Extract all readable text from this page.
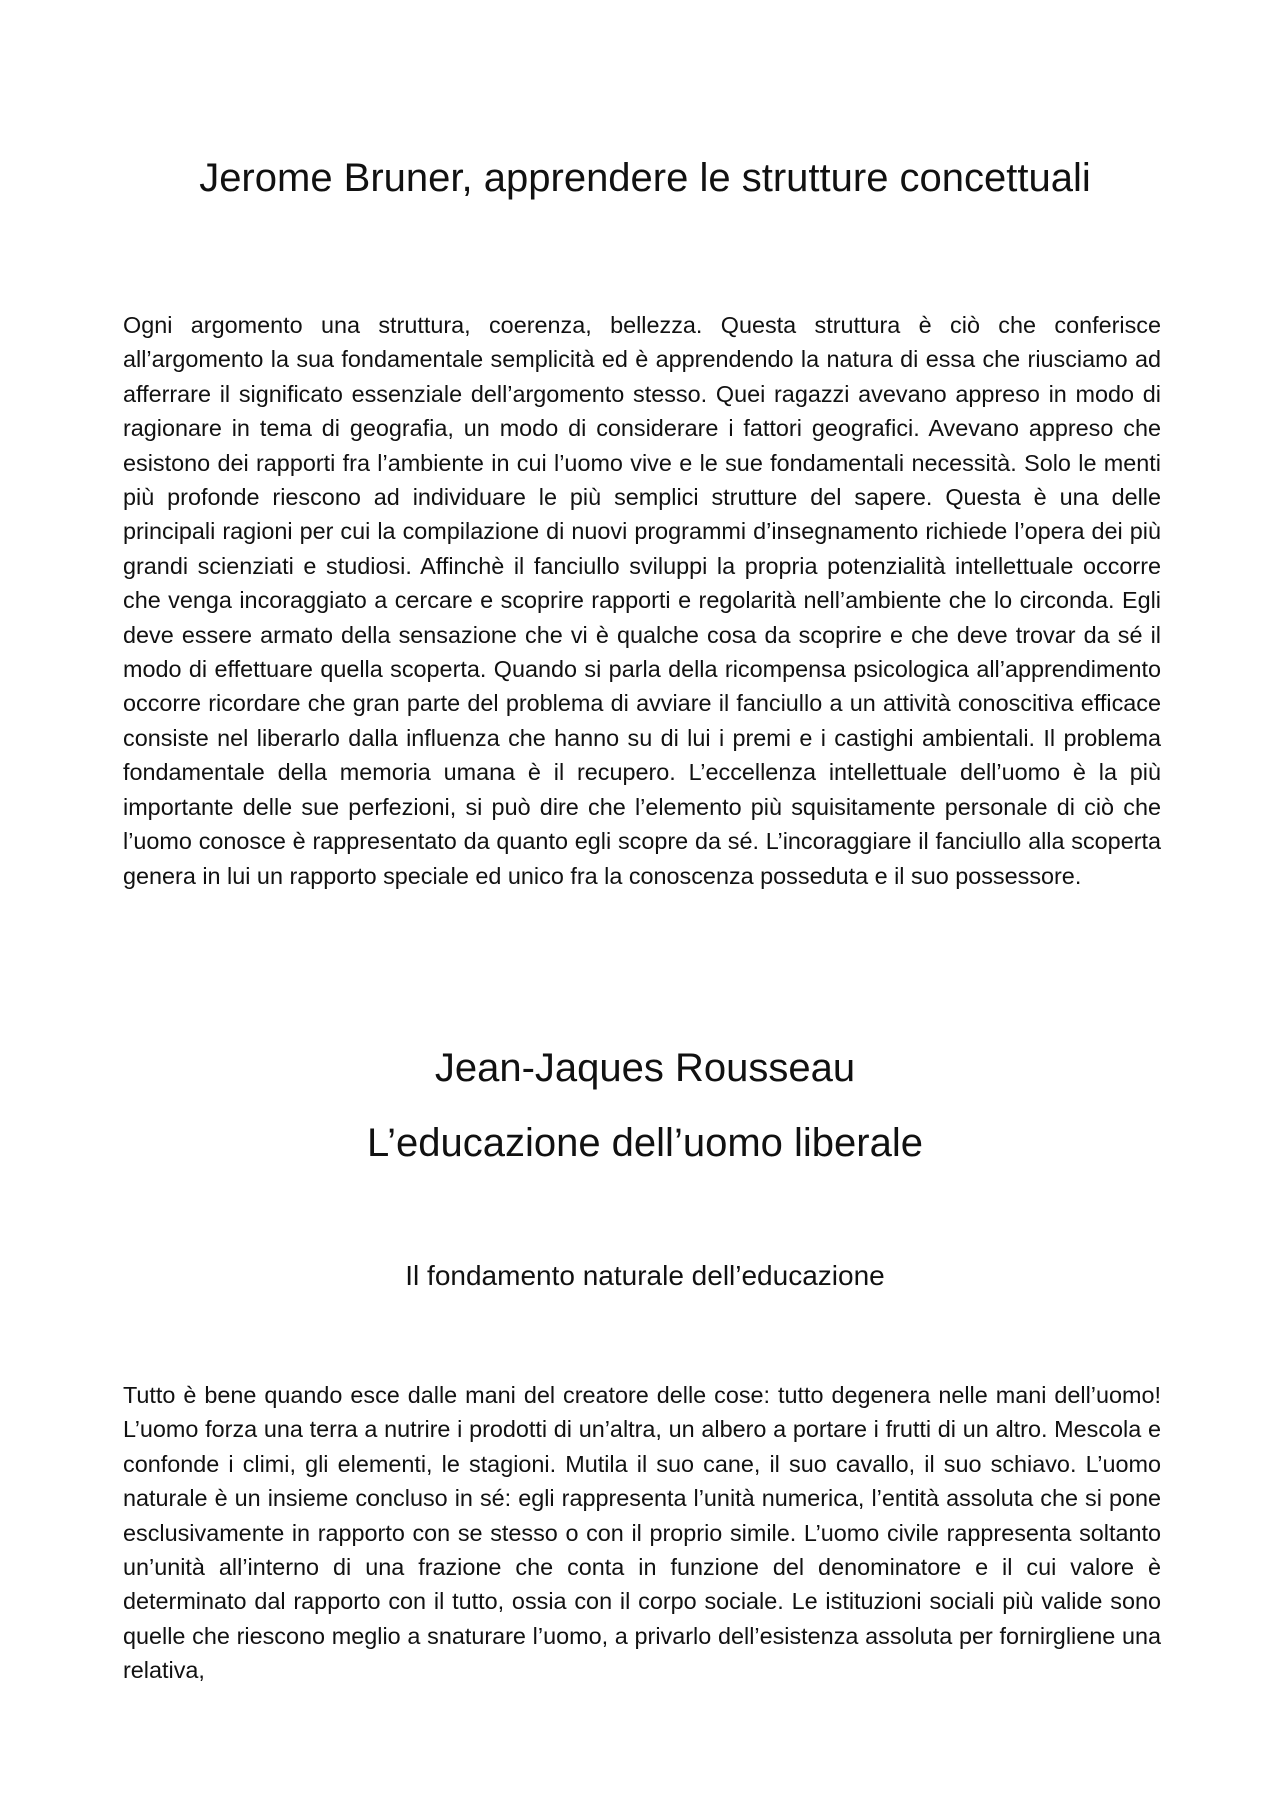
Jerome Bruner, apprendere le strutture concettuali

Ogni argomento una struttura, coerenza, bellezza. Questa struttura è ciò che conferisce all’argomento la sua fondamentale semplicità ed è apprendendo la natura di essa che riusciamo ad afferrare il significato essenziale dell’argomento stesso. Quei ragazzi avevano appreso in modo di ragionare in tema di geografia, un modo di considerare i fattori geografici. Avevano appreso che esistono dei rapporti fra l’ambiente in cui l’uomo vive e le sue fondamentali necessità. Solo le menti più profonde riescono ad individuare le più semplici strutture del sapere. Questa è una delle principali ragioni per cui la compilazione di nuovi programmi d’insegnamento richiede l’opera dei più grandi scienziati e studiosi. Affinchè il fanciullo sviluppi la propria potenzialità intellettuale occorre che venga incoraggiato a cercare e scoprire rapporti e regolarità nell’ambiente che lo circonda. Egli deve essere armato della sensazione che vi è qualche cosa da scoprire e che deve trovar da sé il modo di effettuare quella scoperta. Quando si parla della ricompensa psicologica all’apprendimento occorre ricordare che gran parte del problema di avviare il fanciullo a un attività conoscitiva efficace consiste nel liberarlo dalla influenza che hanno su di lui i premi e i castighi ambientali. Il problema fondamentale della memoria umana è il recupero. L’eccellenza intellettuale dell’uomo è la più importante delle sue perfezioni, si può dire che l’elemento più squisitamente personale di ciò che l’uomo conosce è rappresentato da quanto egli scopre da sé. L’incoraggiare il fanciullo alla scoperta genera in lui un rapporto speciale ed unico fra la conoscenza posseduta e il suo possessore.

Jean-Jaques Rousseau
L’educazione dell’uomo liberale
Il fondamento naturale dell’educazione

Tutto è bene quando esce dalle mani del creatore delle cose: tutto degenera nelle mani dell’uomo! L’uomo forza una terra a nutrire i prodotti di un’altra, un albero a portare i frutti di un altro. Mescola e confonde i climi, gli elementi, le stagioni. Mutila il suo cane, il suo cavallo, il suo schiavo. L’uomo naturale è un insieme concluso in sé: egli rappresenta l’unità numerica, l’entità assoluta che si pone esclusivamente in rapporto con se stesso o con il proprio simile. L’uomo civile rappresenta soltanto un’unità all’interno di una frazione che conta in funzione del denominatore e il cui valore è determinato dal rapporto con il tutto, ossia con il corpo sociale. Le istituzioni sociali più valide sono quelle che riescono meglio a snaturare l’uomo, a privarlo dell’esistenza assoluta per fornirgliene una relativa,
